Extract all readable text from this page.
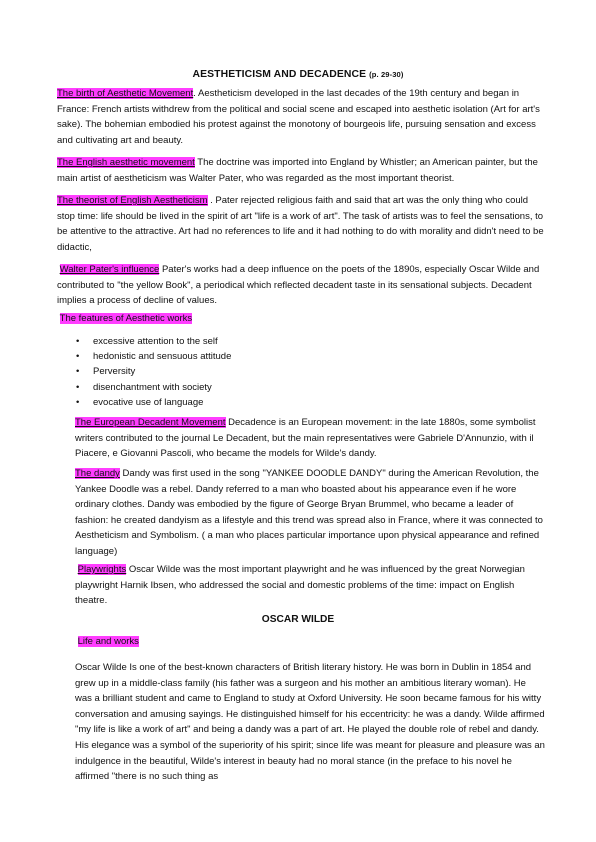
AESTHETICISM AND DECADENCE (p. 29-30)

The birth of Aesthetic Movement. Aestheticism developed in the last decades of the 19th century and began in France: French artists withdrew from the political and social scene and escaped into aesthetic isolation (Art for art's sake). The bohemian embodied his protest against the monotony of bourgeois life, pursuing sensation and excess and cultivating art and beauty.

The English aesthetic movement The doctrine was imported into England by Whistler; an American painter, but the main artist of aestheticism was Walter Pater, who was regarded as the most important theorist.

The theorist of English Aestheticism . Pater rejected religious faith and said that art was the only thing who could stop time: life should be lived in the spirit of art "life is a work of art". The task of artists was to feel the sensations, to be attentive to the attractive. Art had no references to life and it had nothing to do with morality and didn't need to be didactic,

Walter Pater's influence Pater's works had a deep influence on the poets of the 1890s, especially Oscar Wilde and contributed to "the yellow Book", a periodical which reflected decadent taste in its sensational subjects. Decadent implies a process of decline of values.

The features of Aesthetic works

• excessive attention to the self
• hedonistic and sensuous attitude
• Perversity
• disenchantment with society
• evocative use of language

The European Decadent Movement Decadence is an European movement: in the late 1880s, some symbolist writers contributed to the journal Le Decadent, but the main representatives were Gabriele D'Annunzio, with il Piacere, e Giovanni Pascoli, who became the models for Wilde's dandy.

The dandy Dandy was first used in the song "YANKEE DOODLE DANDY" during the American Revolution, the Yankee Doodle was a rebel. Dandy referred to a man who boasted about his appearance even if he wore ordinary clothes. Dandy was embodied by the figure of George Bryan Brummel, who became a leader of fashion: he created dandyism as a lifestyle and this trend was spread also in France, where it was connected to Aestheticism and Symbolism. ( a man who places particular importance upon physical appearance and refined language)

Playwrights Oscar Wilde was the most important playwright and he was influenced by the great Norwegian playwright Harnik Ibsen, who addressed the social and domestic problems of the time: impact on English theatre.

OSCAR WILDE

Life and works

Oscar Wilde Is one of the best-known characters of British literary history. He was born in Dublin in 1854 and grew up in a middle-class family (his father was a surgeon and his mother an ambitious literary woman). He was a brilliant student and came to England to study at Oxford University. He soon became famous for his witty conversation and amusing sayings. He distinguished himself for his eccentricity: he was a dandy. Wilde affirmed "my life is like a work of art" and being a dandy was a part of art. He played the double role of rebel and dandy. His elegance was a symbol of the superiority of his spirit; since life was meant for pleasure and pleasure was an indulgence in the beautiful, Wilde's interest in beauty had no moral stance (in the preface to his novel he affirmed "there is no such thing as
